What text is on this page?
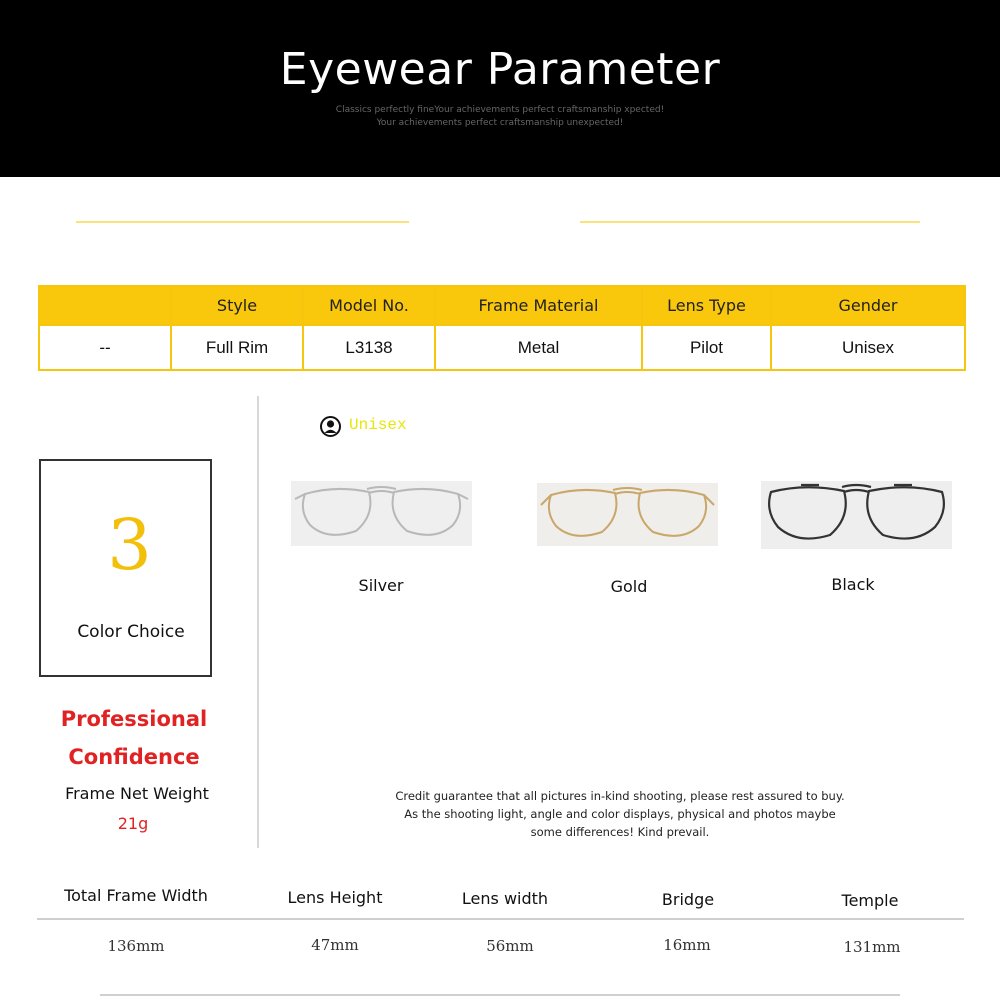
Eyewear Parameter
Classics perfectly fineYour achievements perfect craftsmanship xpected!
Your achievements perfect craftsmanship unexpected!
	Style	Model No.	Frame Material	Lens Type	Gender
--	Full Rim	L3138	Metal	Pilot	Unisex
3
Color Choice
Professional
Confidence
Frame Net Weight
21g
Unisex
Silver	Gold	Black
Credit guarantee that all pictures in-kind shooting, please rest assured to buy.
As the shooting light, angle and color displays, physical and photos maybe
some differences! Kind prevail.
Total Frame Width	Lens Height	Lens width	Bridge	Temple
136mm	47mm	56mm	16mm	131mm
